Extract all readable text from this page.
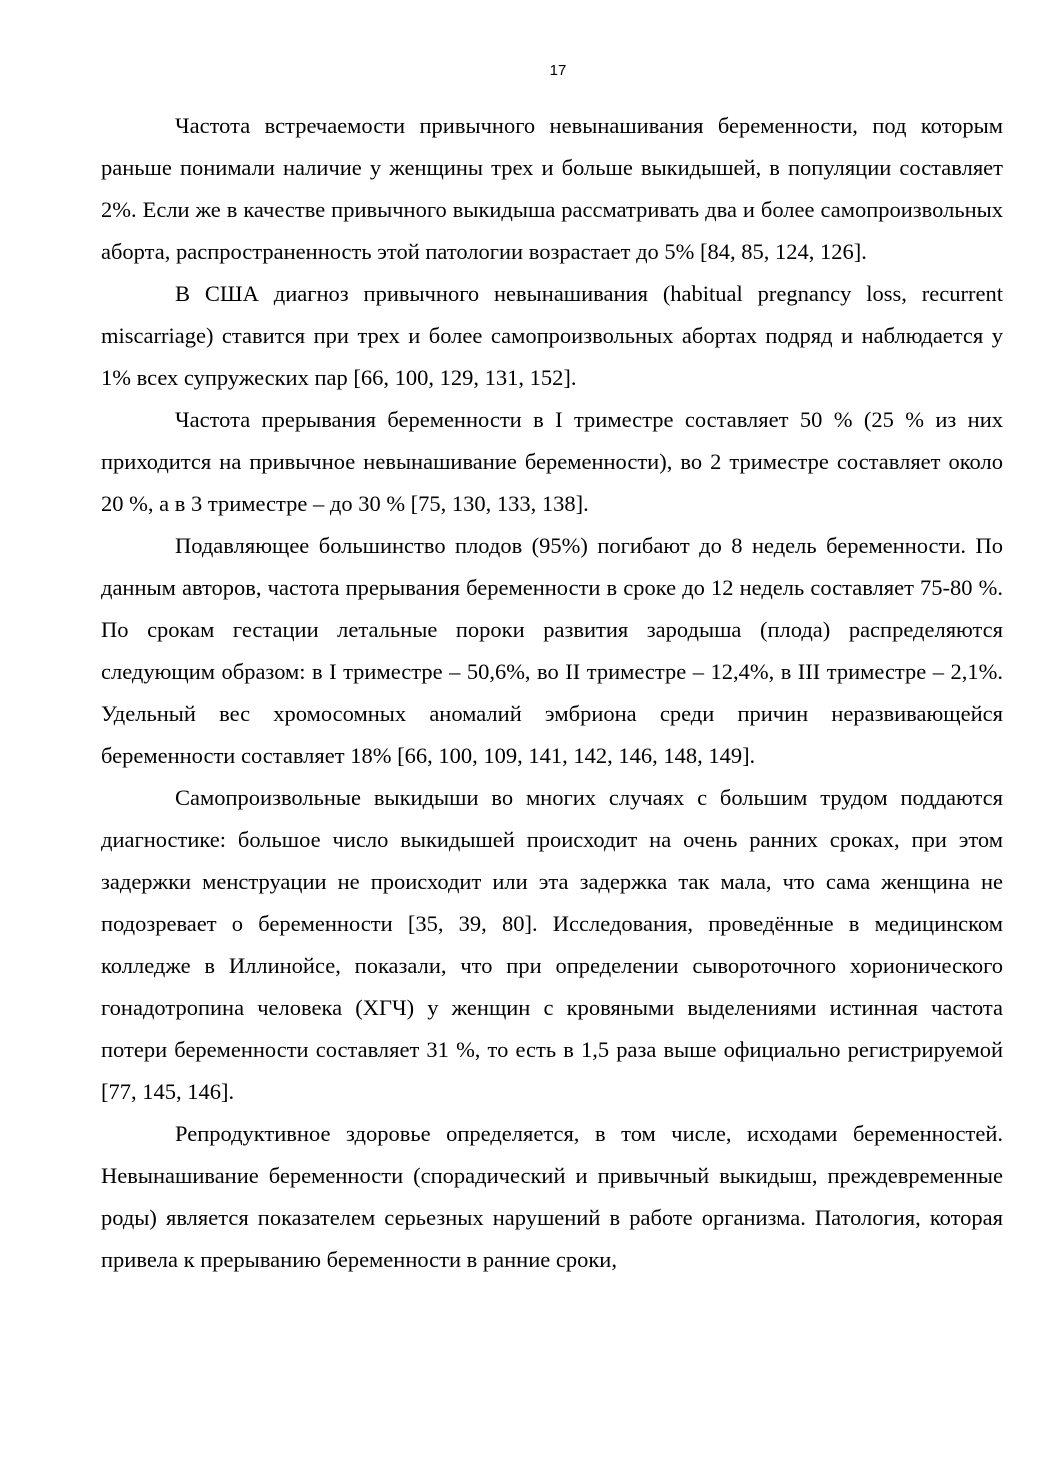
17

Частота встречаемости привычного невынашивания беременности, под которым раньше понимали наличие у женщины трех и больше выкидышей, в популяции составляет 2%. Если же в качестве привычного выкидыша рассматривать два и более самопроизвольных аборта, распространенность этой патологии возрастает до 5% [84, 85, 124, 126].

В США диагноз привычного невынашивания (habitual pregnancy loss, recurrent miscarriage) ставится при трех и более самопроизвольных абортах подряд и наблюдается у 1% всех супружеских пар [66, 100, 129, 131, 152].

Частота прерывания беременности в I триместре составляет 50 % (25 % из них приходится на привычное невынашивание беременности), во 2 триместре составляет около 20 %, а в 3 триместре – до 30 % [75, 130, 133, 138].

Подавляющее большинство плодов (95%) погибают до 8 недель беременности. По данным авторов, частота прерывания беременности в сроке до 12 недель составляет 75-80 %. По срокам гестации летальные пороки развития зародыша (плода) распределяются следующим образом: в I триместре – 50,6%, во II триместре – 12,4%, в III триместре – 2,1%. Удельный вес хромосомных аномалий эмбриона среди причин неразвивающейся беременности составляет 18% [66, 100, 109, 141, 142, 146, 148, 149].

Самопроизвольные выкидыши во многих случаях с большим трудом поддаются диагностике: большое число выкидышей происходит на очень ранних сроках, при этом задержки менструации не происходит или эта задержка так мала, что сама женщина не подозревает о беременности [35, 39, 80]. Исследования, проведённые в медицинском колледже в Иллинойсе, показали, что при определении сывороточного хорионического гонадотропина человека (ХГЧ) у женщин с кровяными выделениями истинная частота потери беременности составляет 31 %, то есть в 1,5 раза выше официально регистрируемой [77, 145, 146].

Репродуктивное здоровье определяется, в том числе, исходами беременностей. Невынашивание беременности (спорадический и привычный выкидыш, преждевременные роды) является показателем серьезных нарушений в работе организма. Патология, которая привела к прерыванию беременности в ранние сроки,
